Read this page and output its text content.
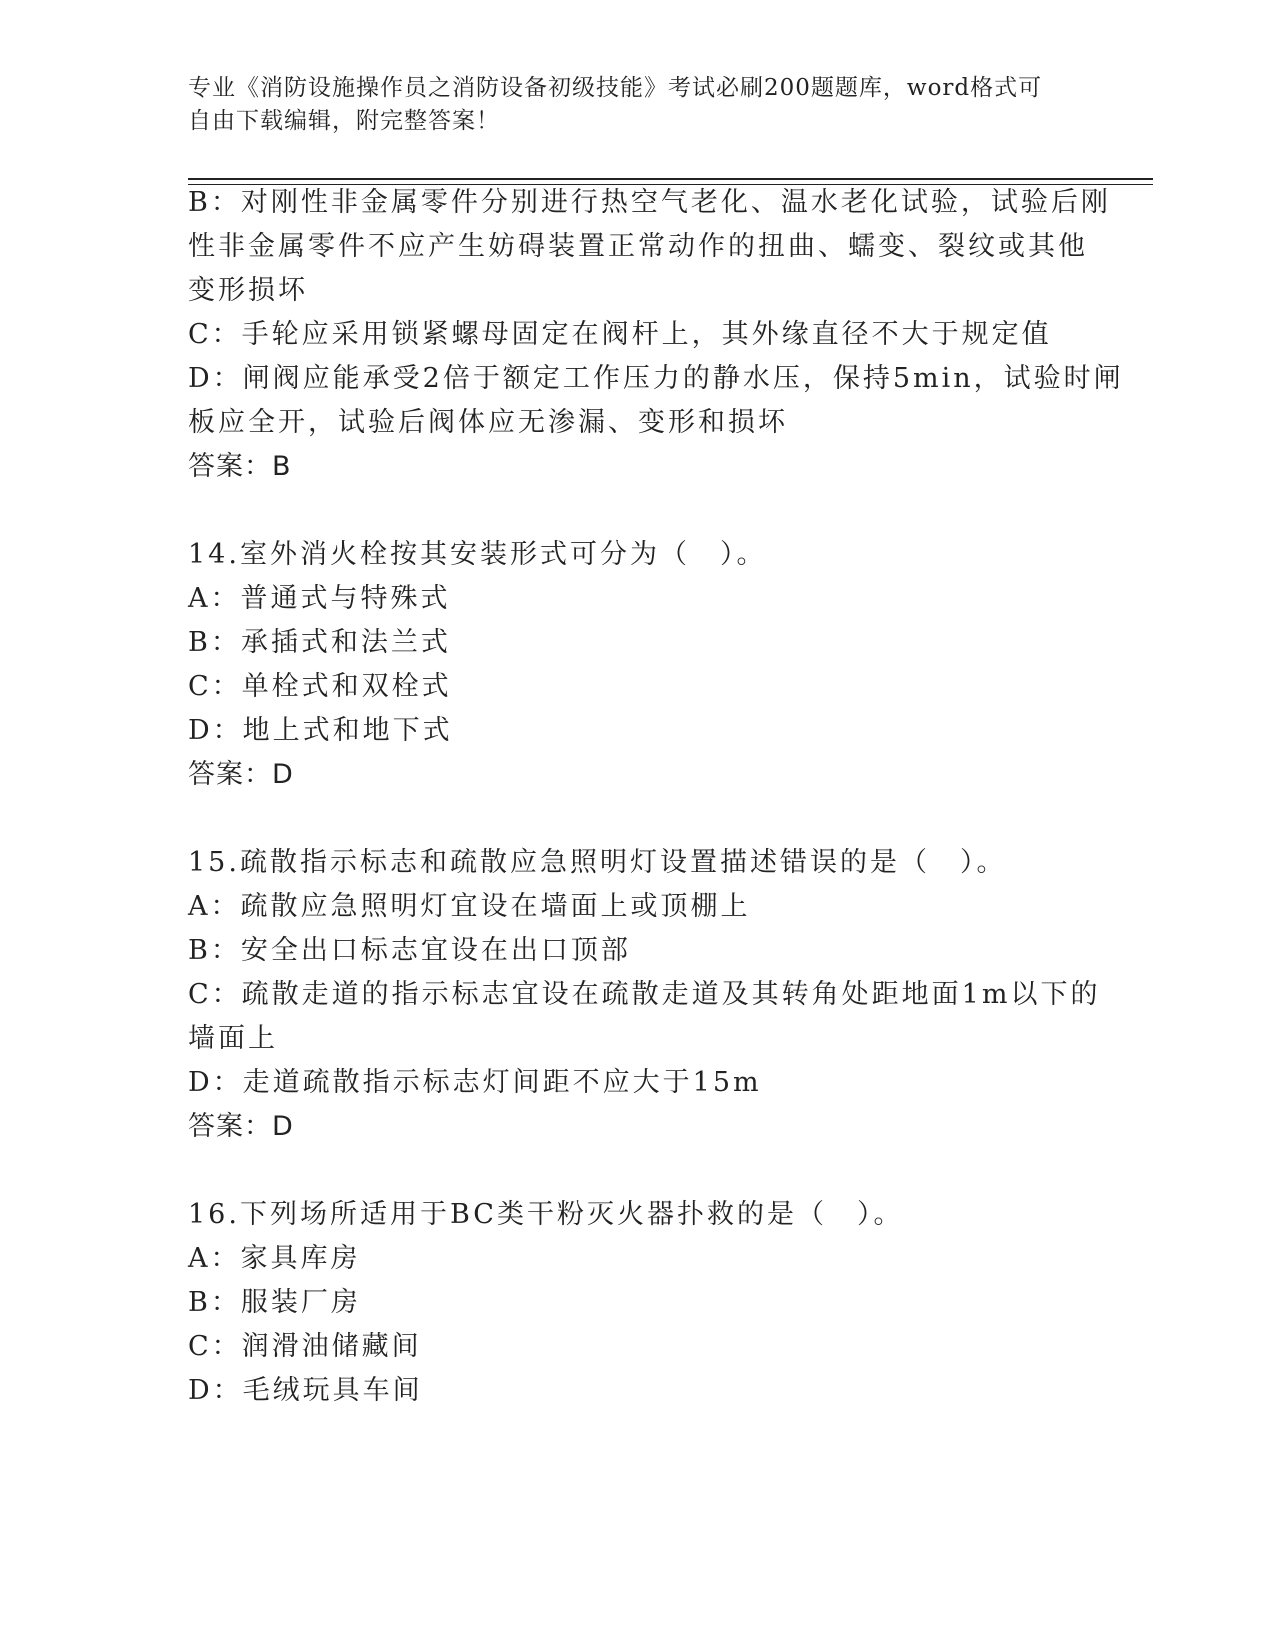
专业《消防设施操作员之消防设备初级技能》考试必刷200题题库，word格式可
自由下载编辑，附完整答案！
B：对刚性非金属零件分别进行热空气老化、温水老化试验，试验后刚
性非金属零件不应产生妨碍装置正常动作的扭曲、蠕变、裂纹或其他
变形损坏
C：手轮应采用锁紧螺母固定在阀杆上，其外缘直径不大于规定值
D：闸阀应能承受2倍于额定工作压力的静水压，保持5min，试验时闸
板应全开，试验后阀体应无渗漏、变形和损坏
答案：B
14.室外消火栓按其安装形式可分为（　）。
A：普通式与特殊式
B：承插式和法兰式
C：单栓式和双栓式
D：地上式和地下式
答案：D
15.疏散指示标志和疏散应急照明灯设置描述错误的是（　）。
A：疏散应急照明灯宜设在墙面上或顶棚上
B：安全出口标志宜设在出口顶部
C：疏散走道的指示标志宜设在疏散走道及其转角处距地面1m以下的
墙面上
D：走道疏散指示标志灯间距不应大于15m
答案：D
16.下列场所适用于BC类干粉灭火器扑救的是（　）。
A：家具库房
B：服装厂房
C：润滑油储藏间
D：毛绒玩具车间
